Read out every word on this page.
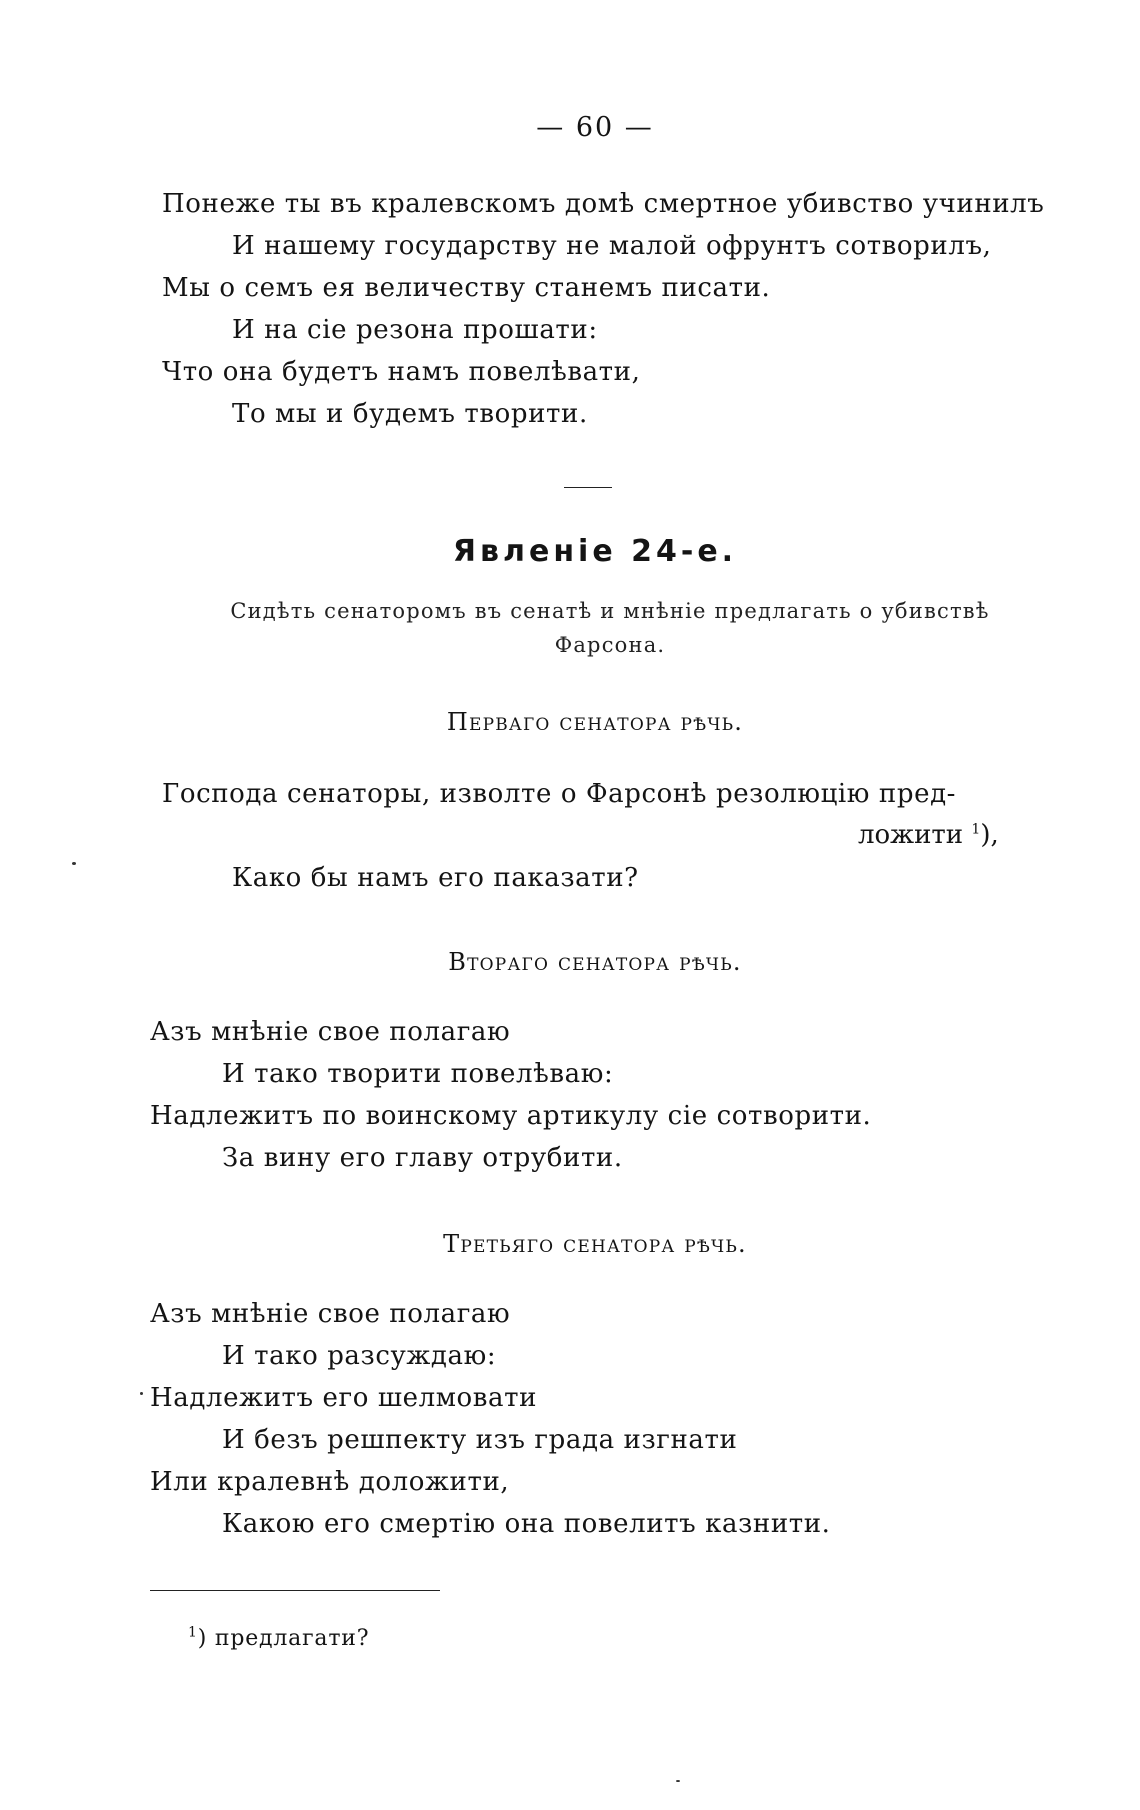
— 60 —
Понеже ты въ кралевскомъ домѣ смертное убивство учинилъ
И нашему государству не малой офрунтъ сотворилъ,
Мы о семъ ея величеству станемъ писати.
И на сіе резона прошати:
Что она будетъ намъ повелѣвати,
То мы и будемъ творити.
Явленіе 24-е.
Сидѣть сенаторомъ въ сенатѣ и мнѣніе предлагать о убивствѣ
Фарсона.
Перваго сенатора рѣчь.
Господа сенаторы, изволте о Фарсонѣ резолюцію пред-
ложити $^1$),
Како бы намъ его паказати?
Втораго сенатора рѣчь.
Азъ мнѣніе свое полагаю
И тако творити повелѣваю:
Надлежитъ по воинскому артикулу сіе сотворити.
За вину его главу отрубити.
Третьяго сенатора рѣчь.
Азъ мнѣніе свое полагаю
И тако разсуждаю:
Надлежитъ его шелмовати
И безъ решпекту изъ града изгнати
Или кралевнѣ доложити,
Какою его смертію она повелитъ казнити.
$^1$) предлагати?
